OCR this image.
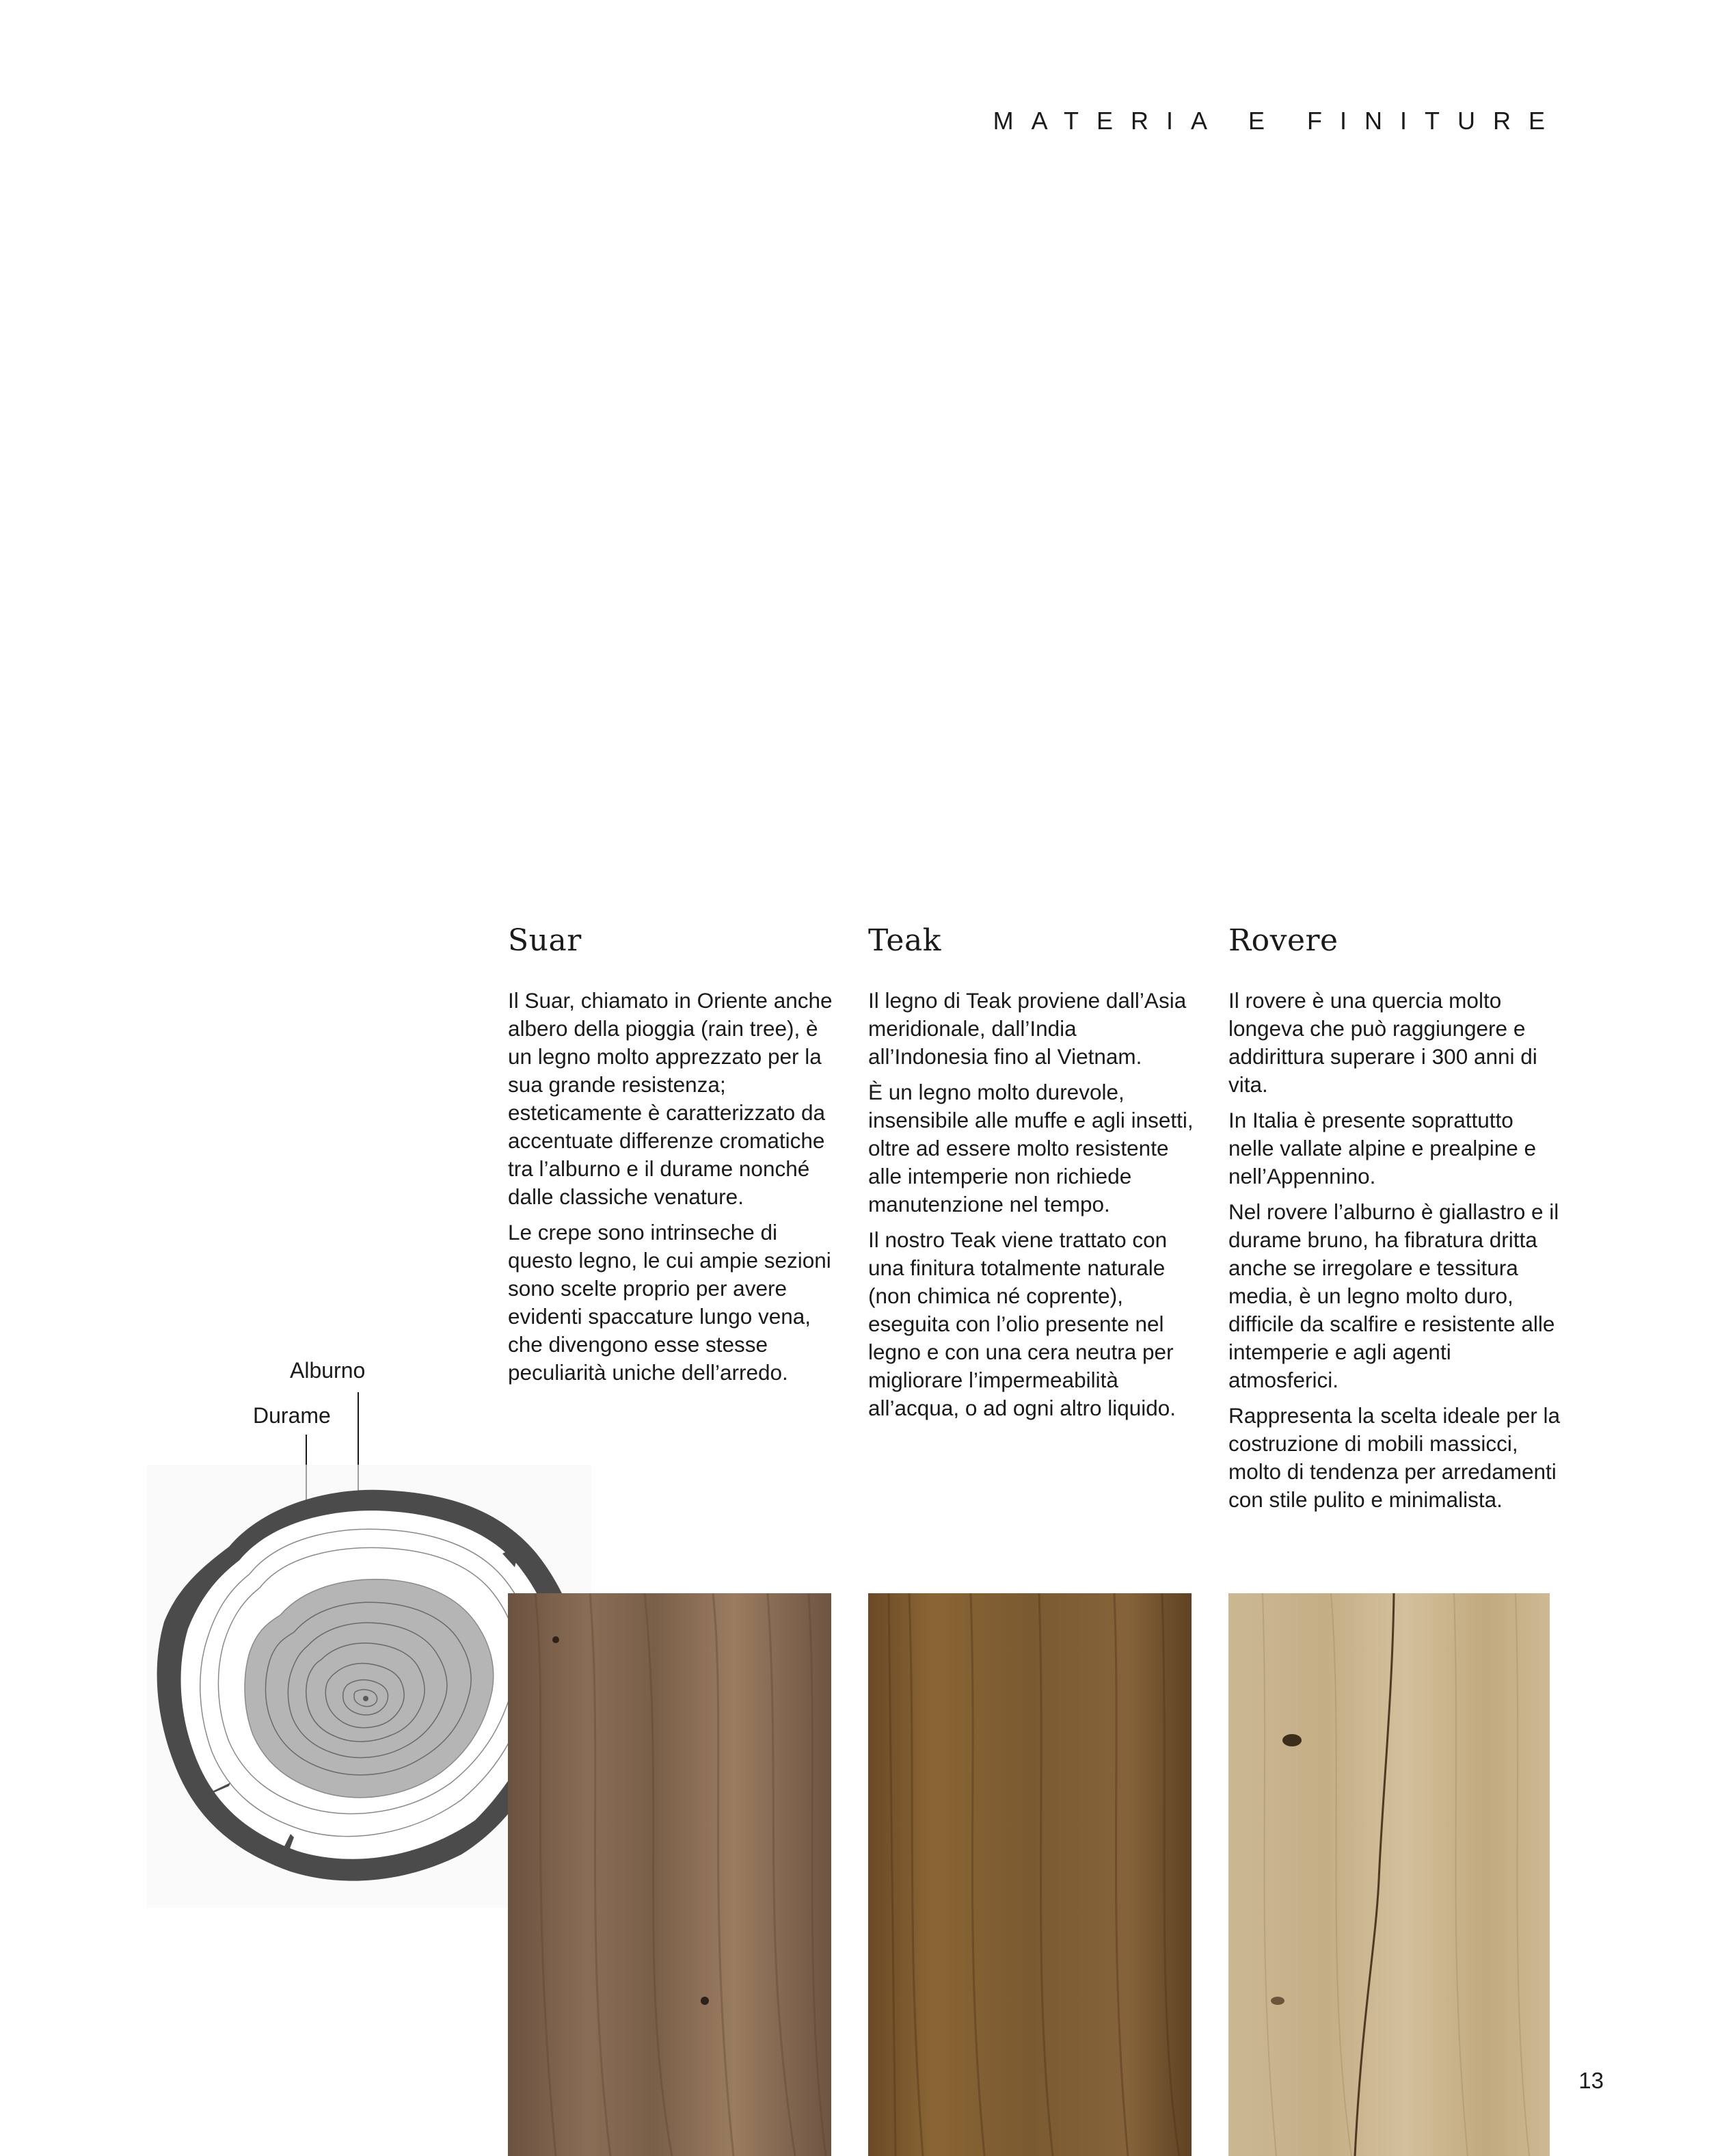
MATERIA E FINITURE
Alburno
Durame
Suar

Il Suar, chiamato in Oriente anche albero della pioggia (rain tree), è un legno molto apprezzato per la sua grande resistenza; esteticamente è caratterizzato da accentuate differenze cromatiche tra l’alburno e il durame nonché dalle classiche venature.

Le crepe sono intrinseche di questo legno, le cui ampie sezioni sono scelte proprio per avere evidenti spaccature lungo vena, che divengono esse stesse peculiarità uniche dell’arredo.

Teak

Il legno di Teak proviene dall’Asia meridionale, dall’India all’Indonesia fino al Vietnam.

È un legno molto durevole, insensibile alle muffe e agli insetti, oltre ad essere molto resistente alle intemperie non richiede manutenzione nel tempo.

Il nostro Teak viene trattato con una finitura totalmente naturale (non chimica né coprente), eseguita con l’olio presente nel legno e con una cera neutra per migliorare l’impermeabilità all’acqua, o ad ogni altro liquido.

Rovere

Il rovere è una quercia molto longeva che può raggiungere e addirittura superare i 300 anni di vita.

In Italia è presente soprattutto nelle vallate alpine e prealpine e nell’Appennino.

Nel rovere l’alburno è giallastro e il durame bruno, ha fibratura dritta anche se irregolare e tessitura media, è un legno molto duro, difficile da scalfire e resistente alle intemperie e agli agenti atmosferici.

Rappresenta la scelta ideale per la costruzione di mobili massicci, molto di tendenza per arredamenti con stile pulito e minimalista.

13
